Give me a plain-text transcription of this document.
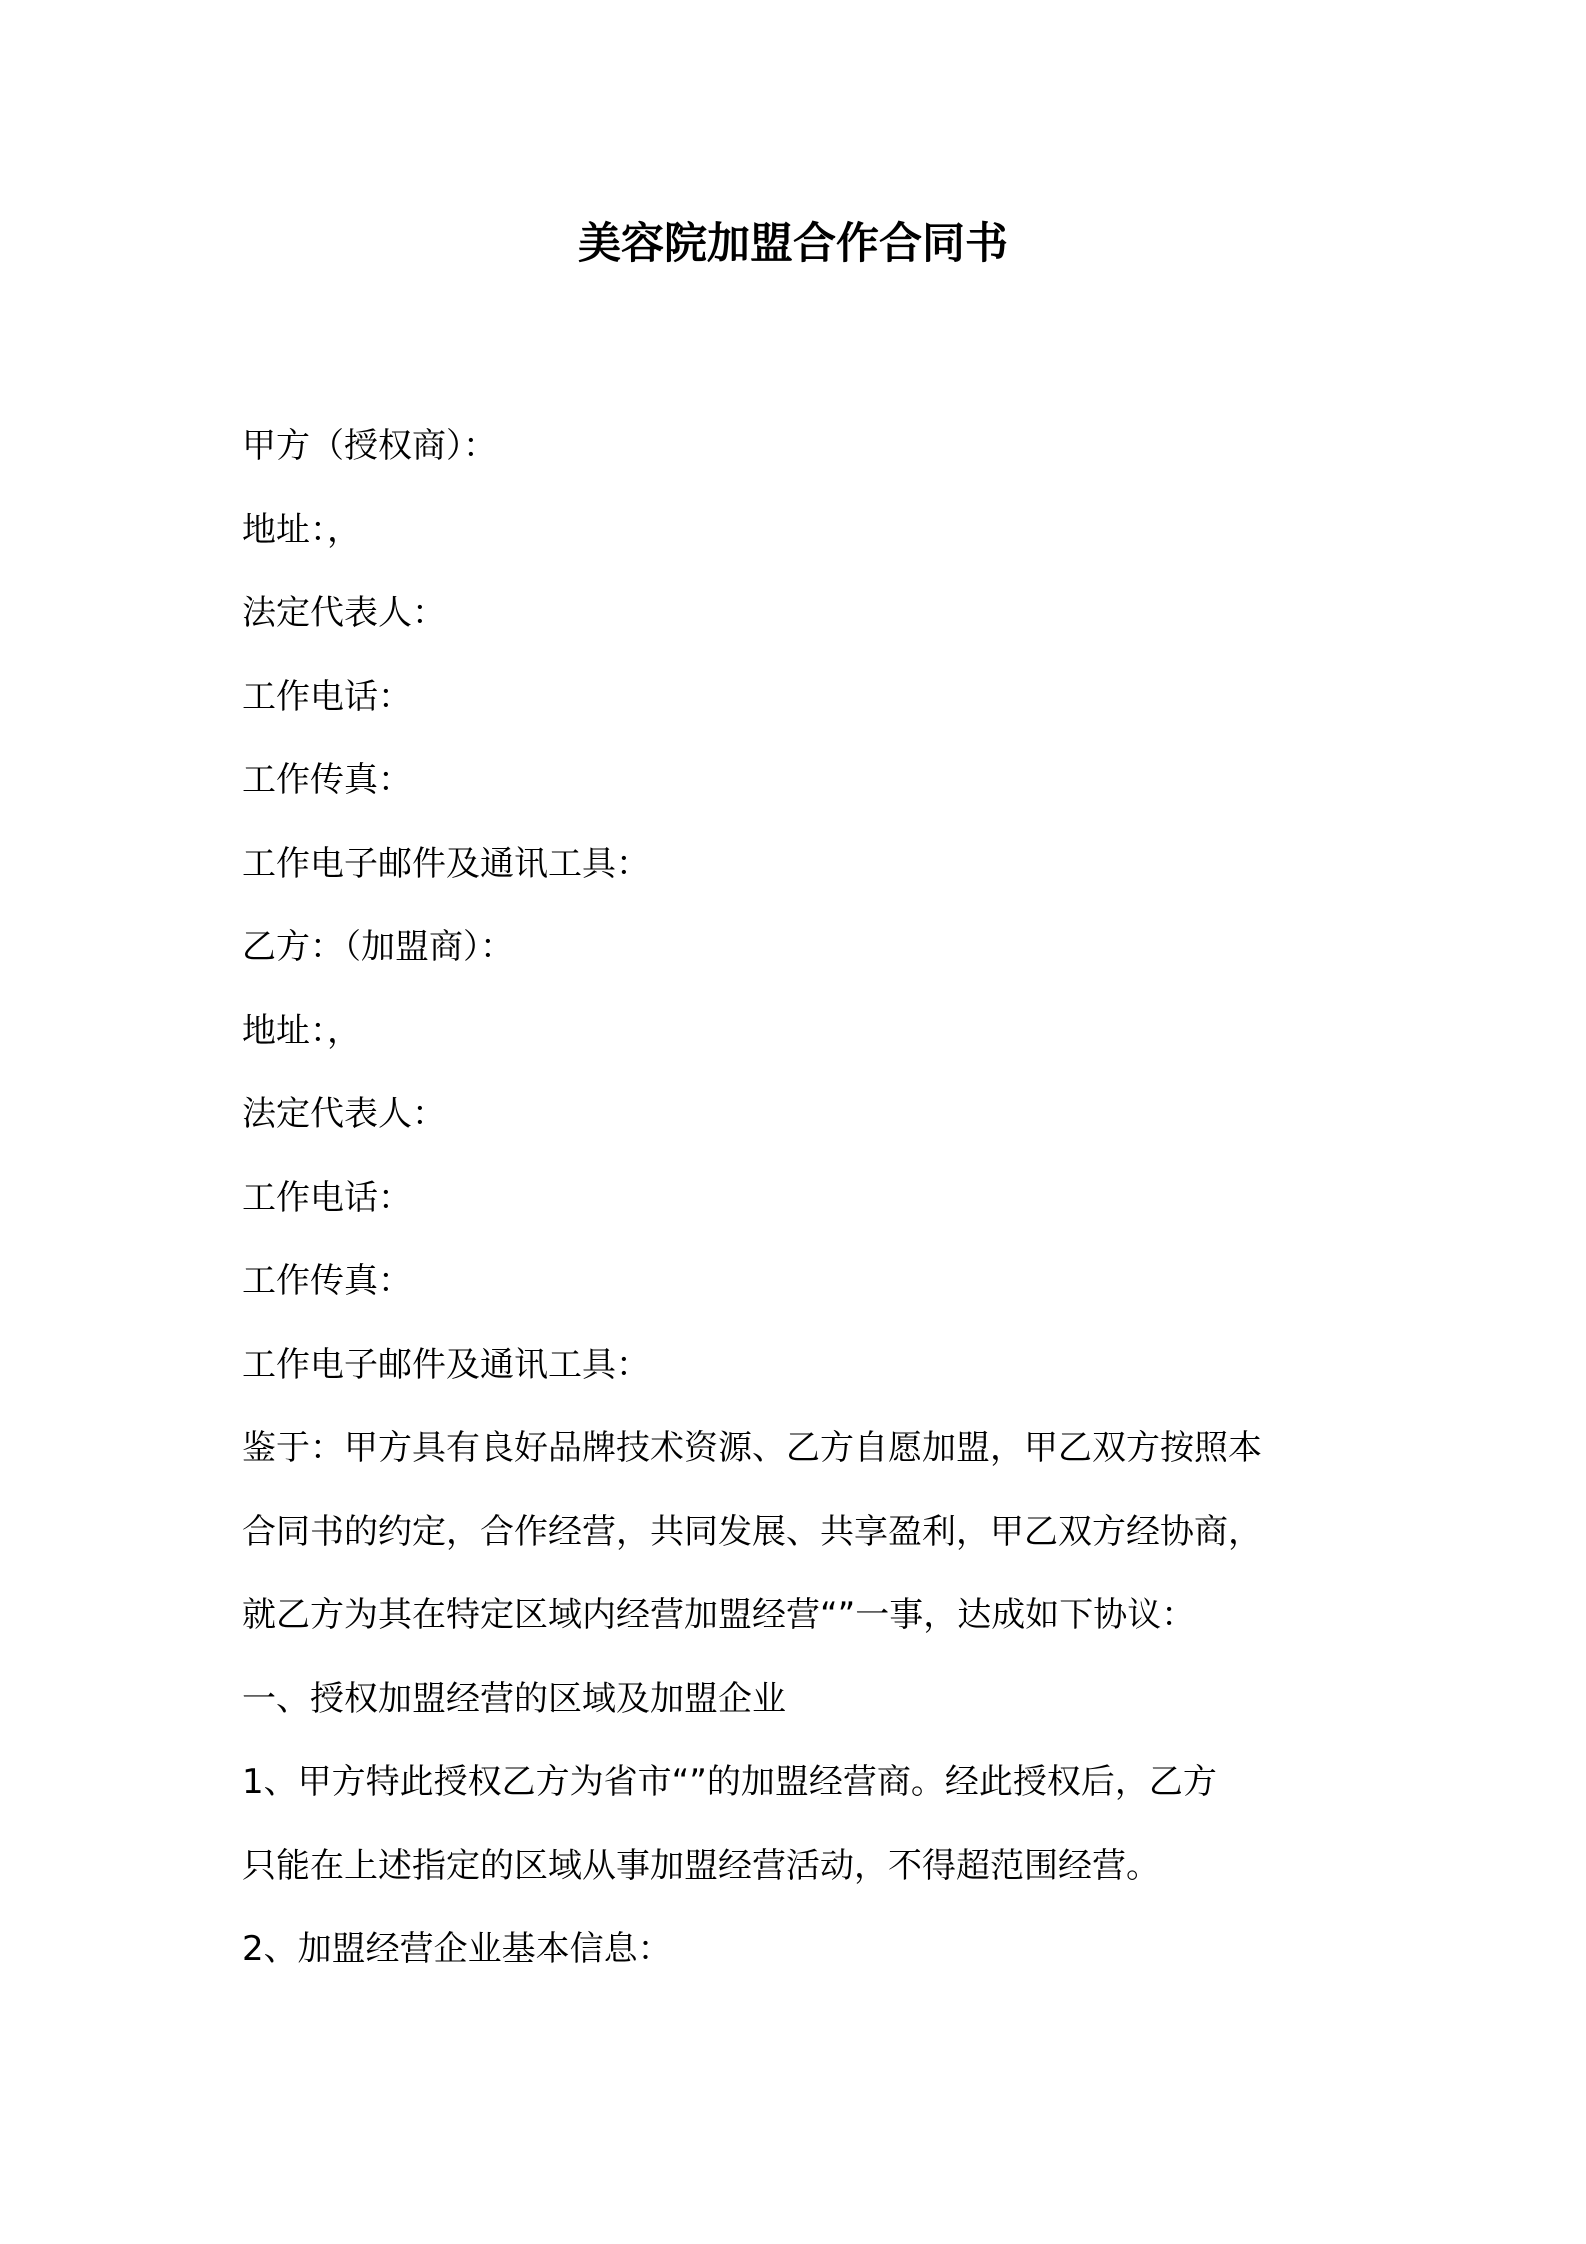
美容院加盟合作合同书

甲方（授权商）：

地址：，

法定代表人：

工作电话：

工作传真：

工作电子邮件及通讯工具：

乙方：（加盟商）：

地址：，

法定代表人：

工作电话：

工作传真：

工作电子邮件及通讯工具：

鉴于：甲方具有良好品牌技术资源、乙方自愿加盟，甲乙双方按照本

合同书的约定，合作经营，共同发展、共享盈利，甲乙双方经协商，

就乙方为其在特定区域内经营加盟经营“”一事，达成如下协议：

一、授权加盟经营的区域及加盟企业

1、甲方特此授权乙方为省市“”的加盟经营商。经此授权后，乙方

只能在上述指定的区域从事加盟经营活动，不得超范围经营。

2、加盟经营企业基本信息：
